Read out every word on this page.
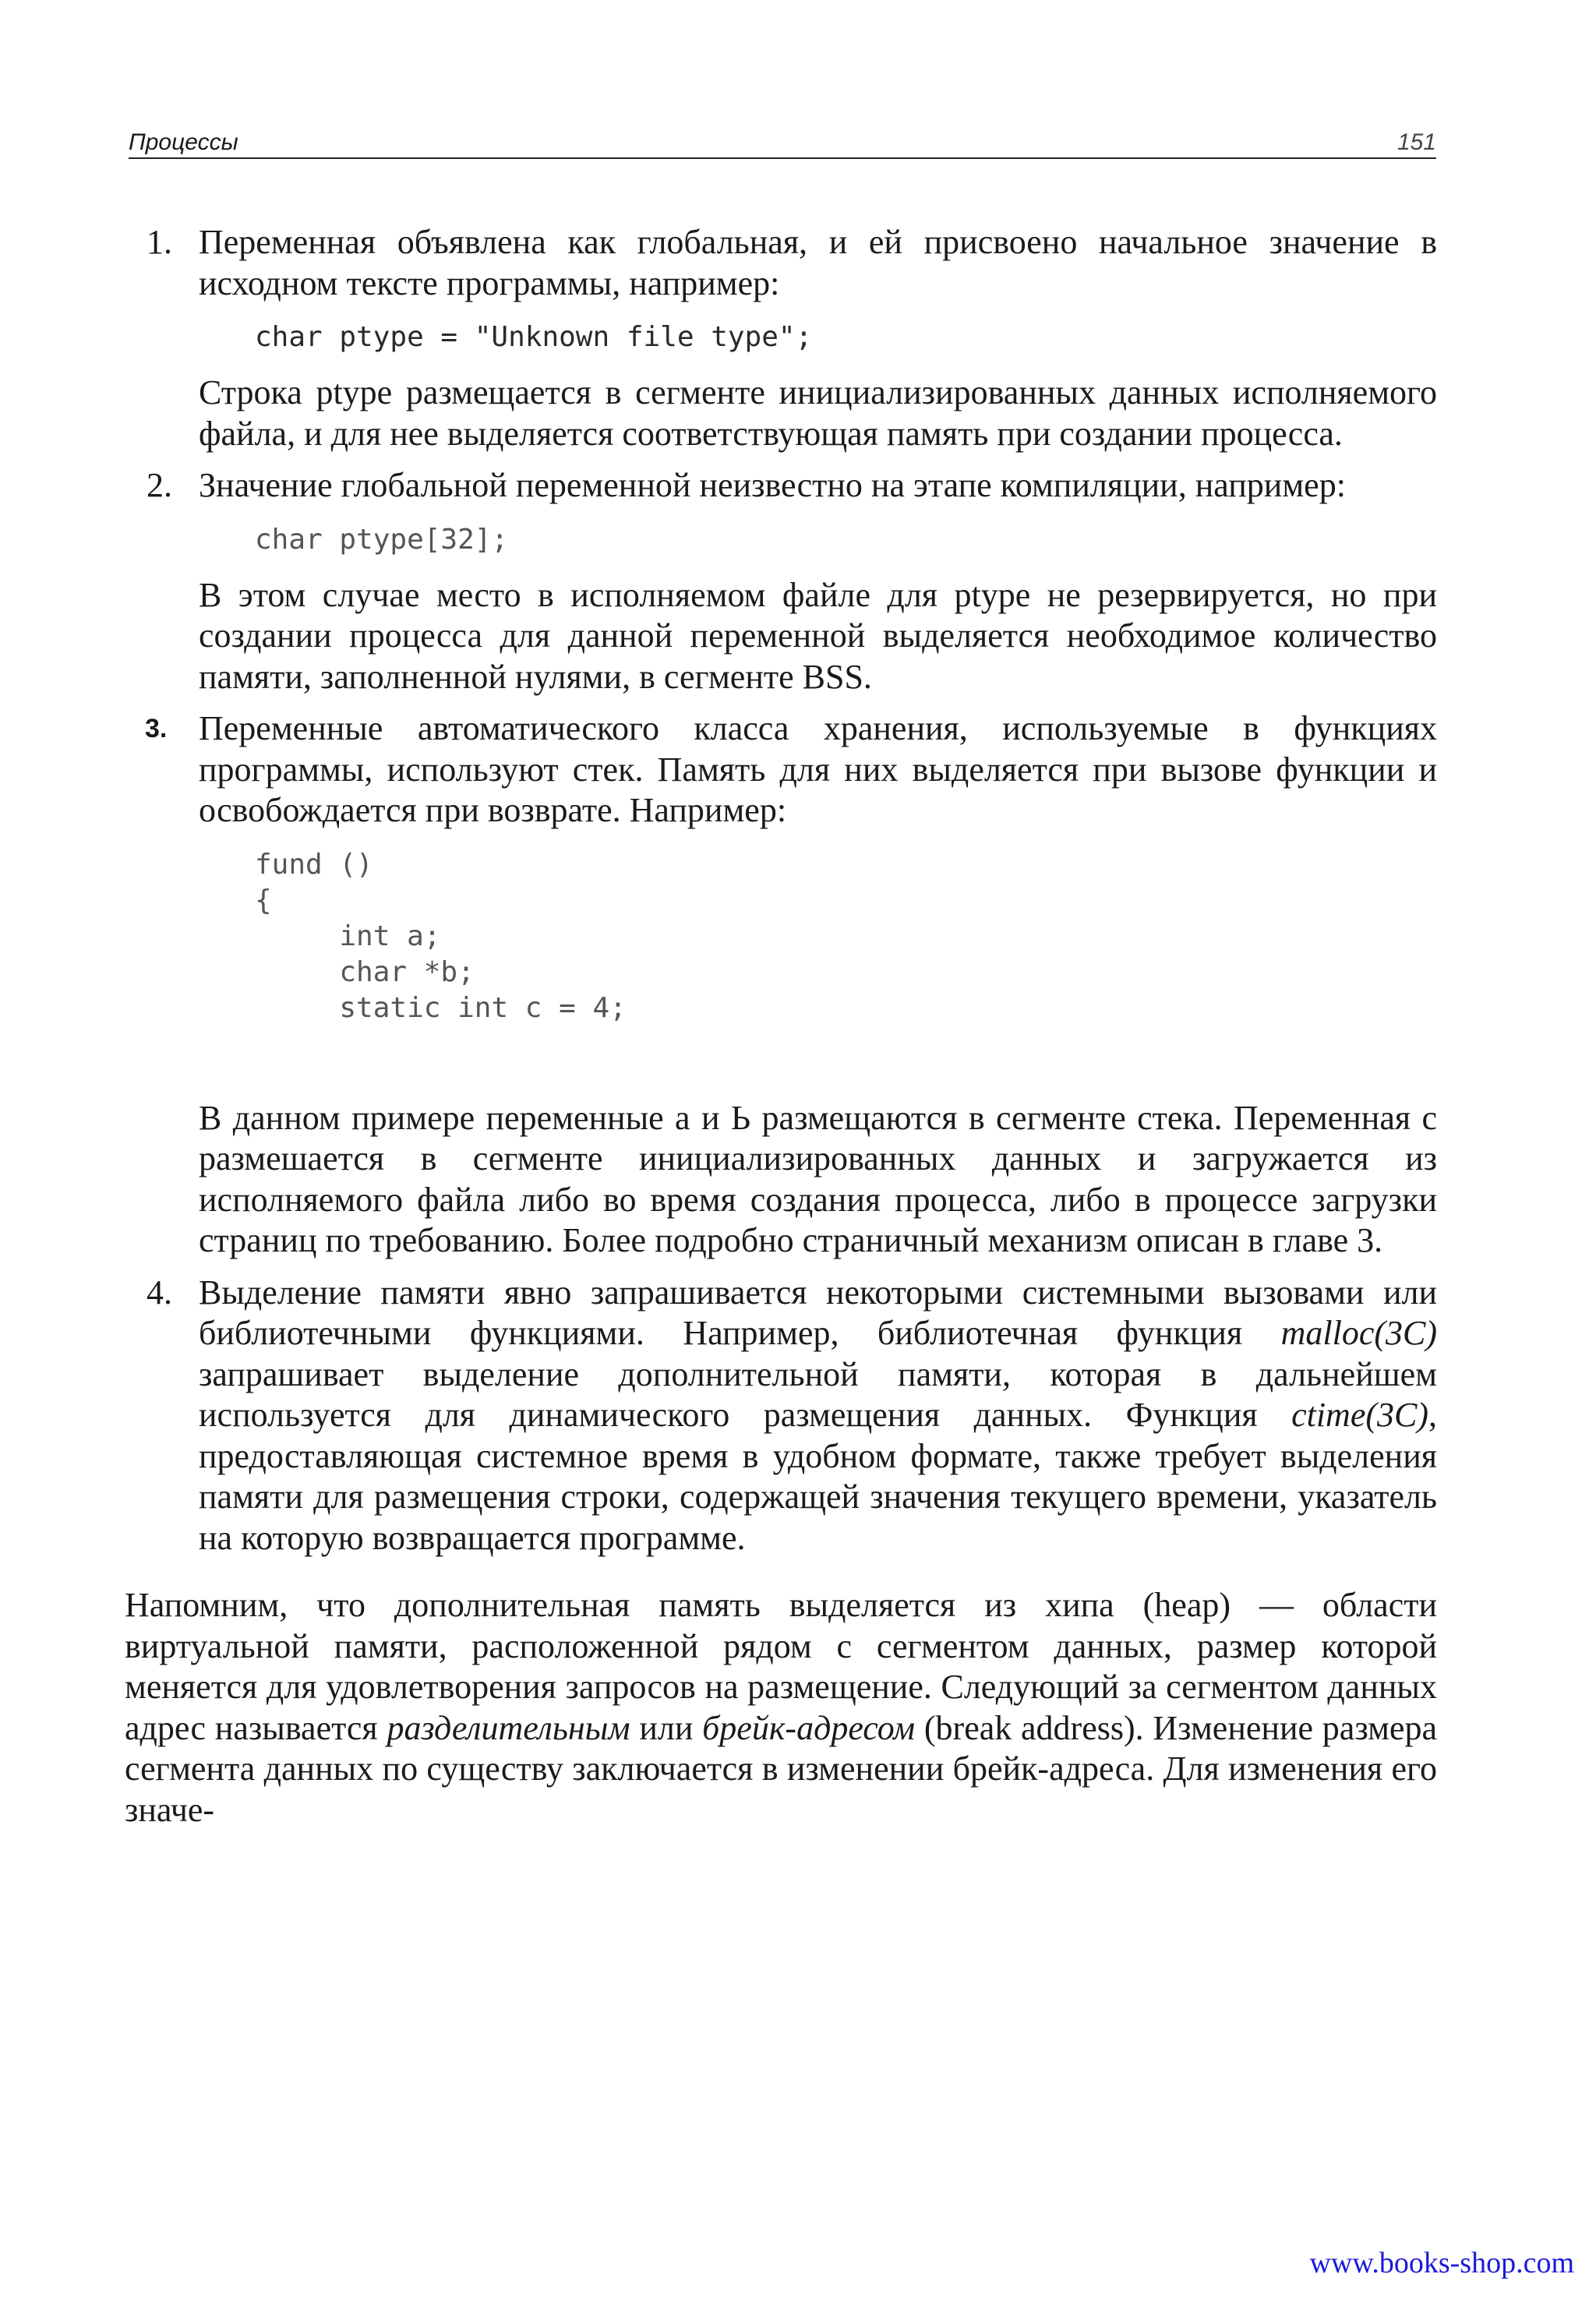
Процессы	151
1. Переменная объявлена как глобальная, и ей присвоено начальное значение в исходном тексте программы, например:

char ptype = "Unknown file type";

Строка ptype размещается в сегменте инициализированных данных исполняемого файла, и для нее выделяется соответствующая память при создании процесса.

2. Значение глобальной переменной неизвестно на этапе компиляции, например:

char ptype[32];

В этом случае место в исполняемом файле для ptype не резервируется, но при создании процесса для данной переменной выделяется необходимое количество памяти, заполненной нулями, в сегменте BSS.

3. Переменные автоматического класса хранения, используемые в функциях программы, используют стек. Память для них выделяется при вызове функции и освобождается при возврате. Например:

fund ()
{
int a;
char *b;
static int c = 4;

В данном примере переменные а и Ь размещаются в сегменте стека. Переменная с размешается в сегменте инициализированных данных и загружается из исполняемого файла либо во время создания процесса, либо в процессе загрузки страниц по требованию. Более подробно страничный механизм описан в главе 3.

4. Выделение памяти явно запрашивается некоторыми системными вызовами или библиотечными функциями. Например, библиотечная функция malloc(3C) запрашивает выделение дополнительной памяти, которая в дальнейшем используется для динамического размещения данных. Функция ctime(3C), предоставляющая системное время в удобном формате, также требует выделения памяти для размещения строки, содержащей значения текущего времени, указатель на которую возвращается программе.

Напомним, что дополнительная память выделяется из хипа (heap) — области виртуальной памяти, расположенной рядом с сегментом данных, размер которой меняется для удовлетворения запросов на размещение. Следующий за сегментом данных адрес называется разделительным или брейк-адресом (break address). Изменение размера сегмента данных по существу заключается в изменении брейк-адреса. Для изменения его значе-

www.books-shop.com
